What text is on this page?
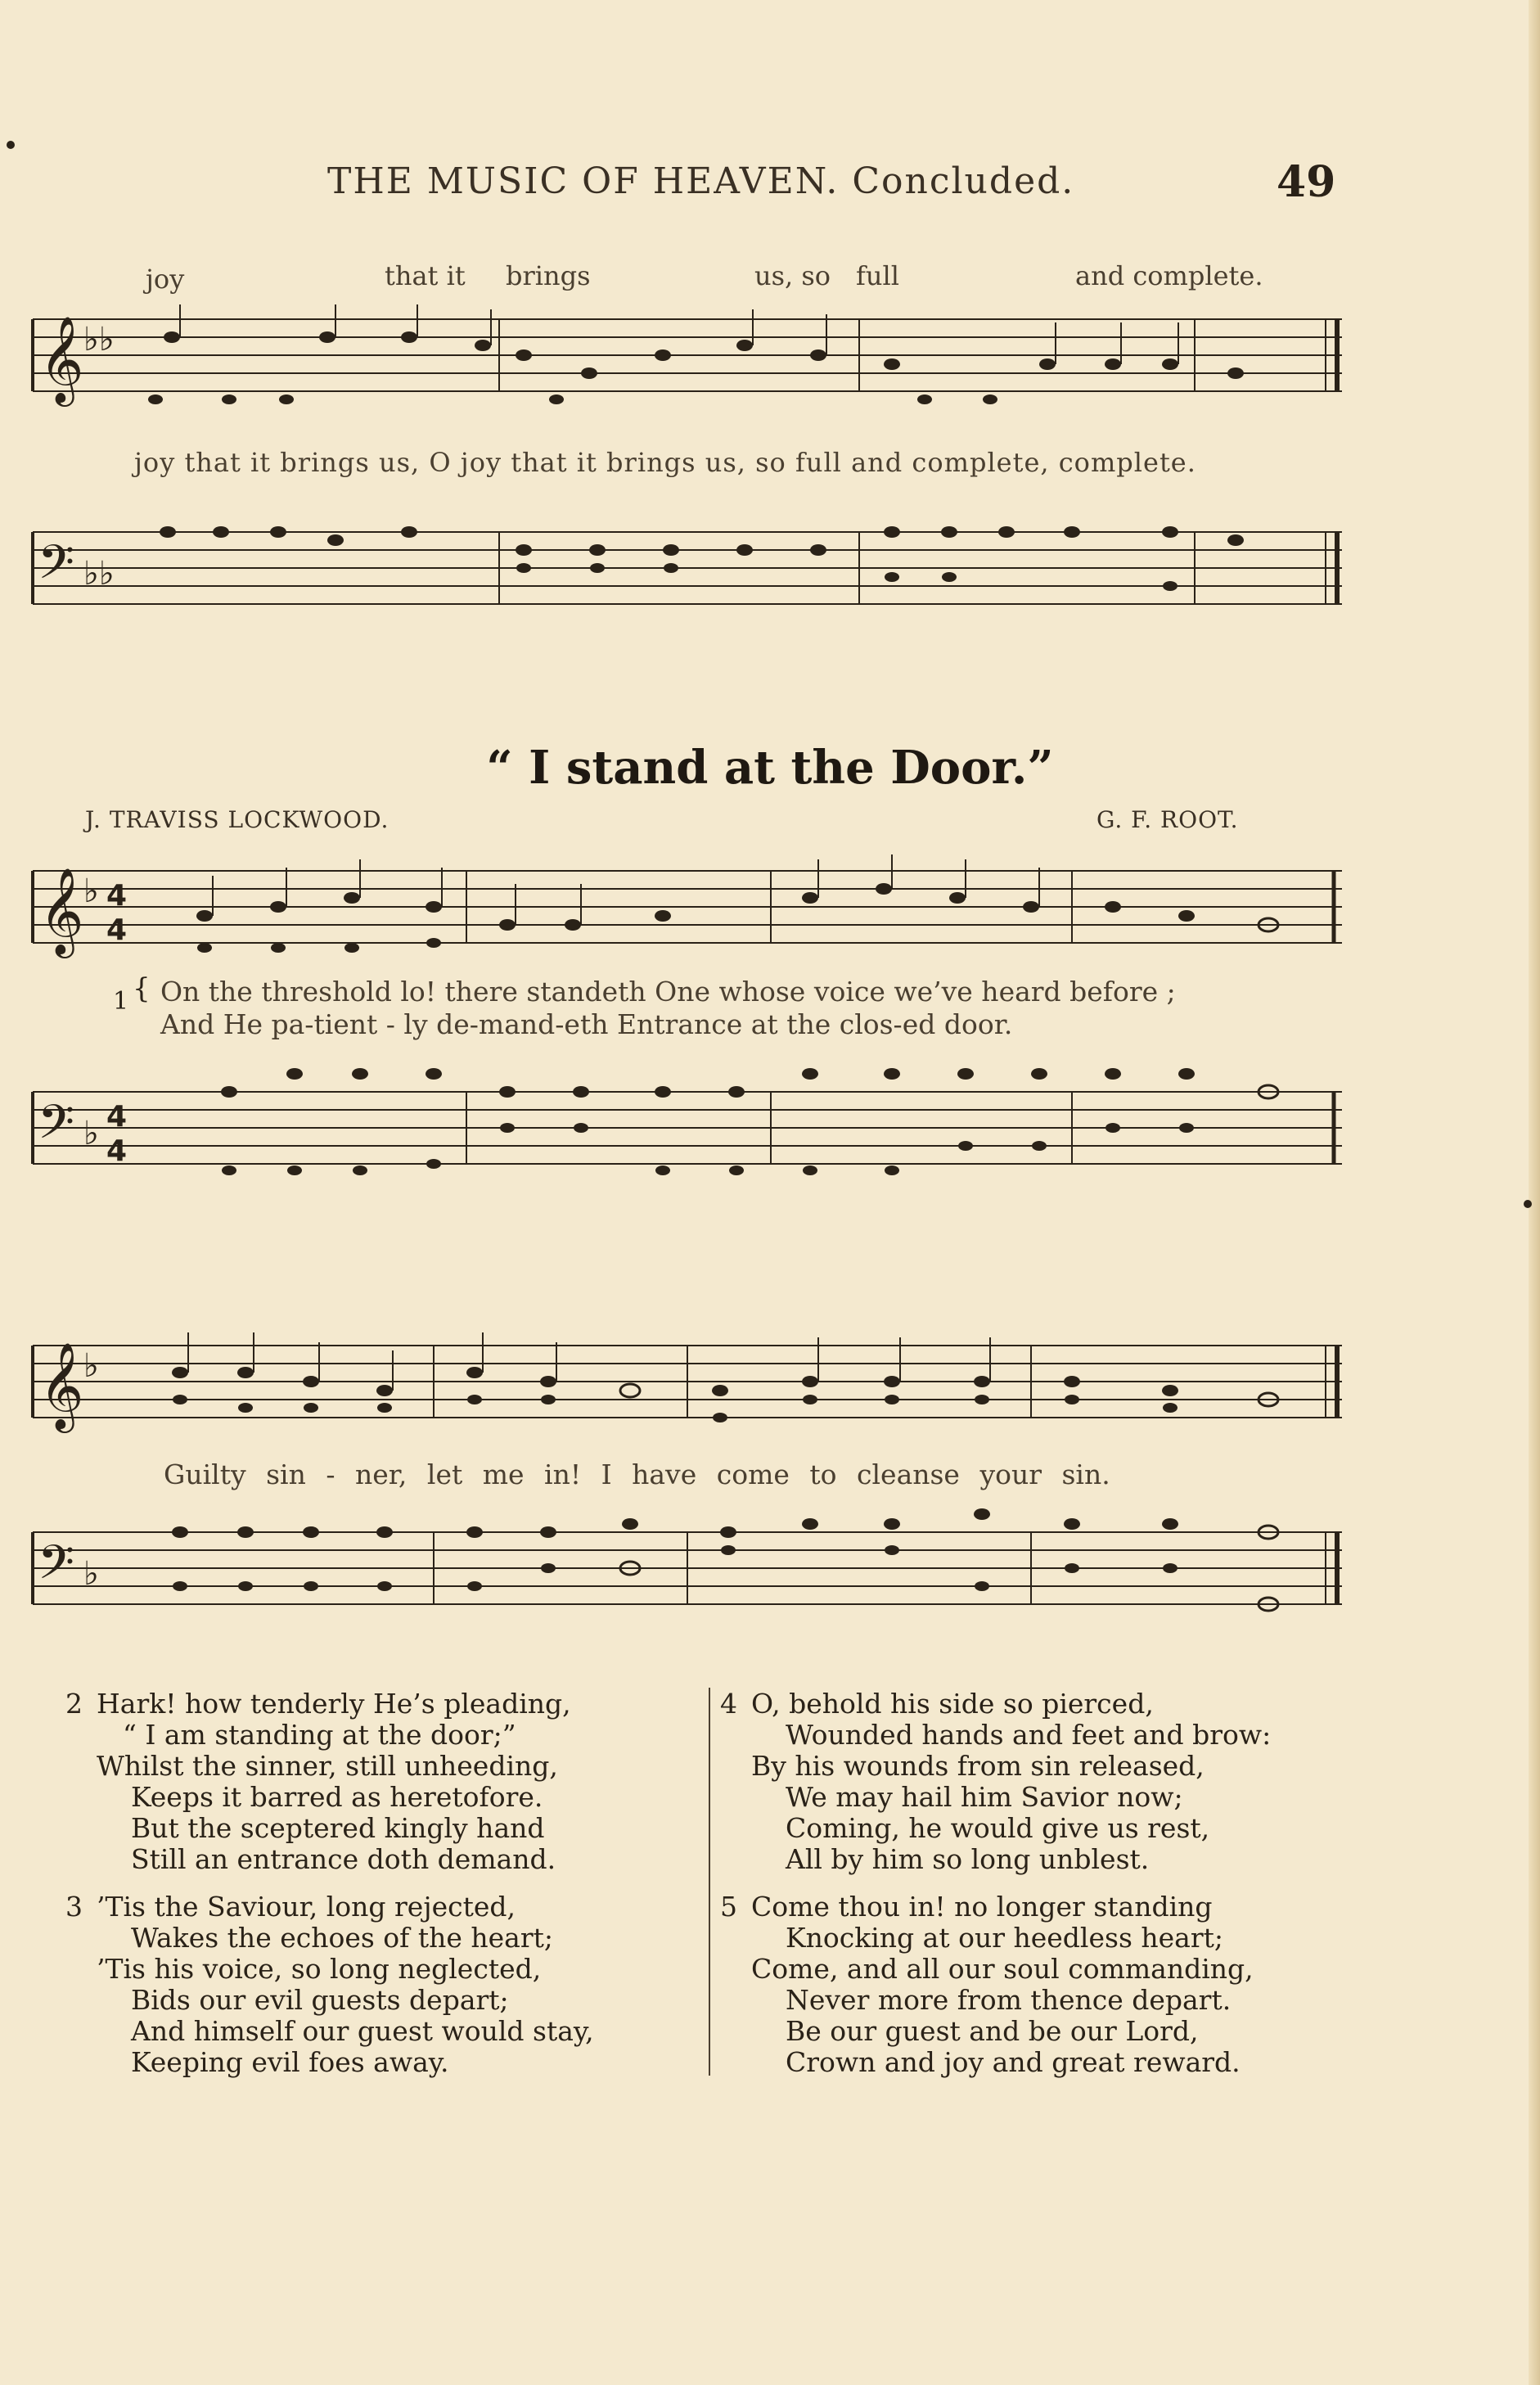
THE MUSIC OF HEAVEN. Concluded.	49
joy	that it brings	us, so full	and complete.
𝄞 ♭♭
joy that it brings us, O joy that it brings us, so full and complete, complete.
𝄢 ♭♭
“ I stand at the Door.”
J. TRAVISS LOCKWOOD.	G. F. ROOT.
𝄞 ♭ 4
4
1 { On the threshold lo! there standeth One whose voice we’ve heard before ;
And He pa-tient - ly de-mand-eth Entrance at the clos-ed door.
𝄢 ♭ 4
4
𝄞 ♭
Guilty sin - ner, let me in! I have come to cleanse your sin.
𝄢 ♭
2 Hark! how tenderly He’s pleading,
“ I am standing at the door;”
Whilst the sinner, still unheeding,
Keeps it barred as heretofore.
But the sceptered kingly hand
Still an entrance doth demand.
3 ’Tis the Saviour, long rejected,
Wakes the echoes of the heart;
’Tis his voice, so long neglected,
Bids our evil guests depart;
And himself our guest would stay,
Keeping evil foes away.
4 O, behold his side so pierced,
Wounded hands and feet and brow:
By his wounds from sin released,
We may hail him Savior now;
Coming, he would give us rest,
All by him so long unblest.
5 Come thou in! no longer standing
Knocking at our heedless heart;
Come, and all our soul commanding,
Never more from thence depart.
Be our guest and be our Lord,
Crown and joy and great reward.
